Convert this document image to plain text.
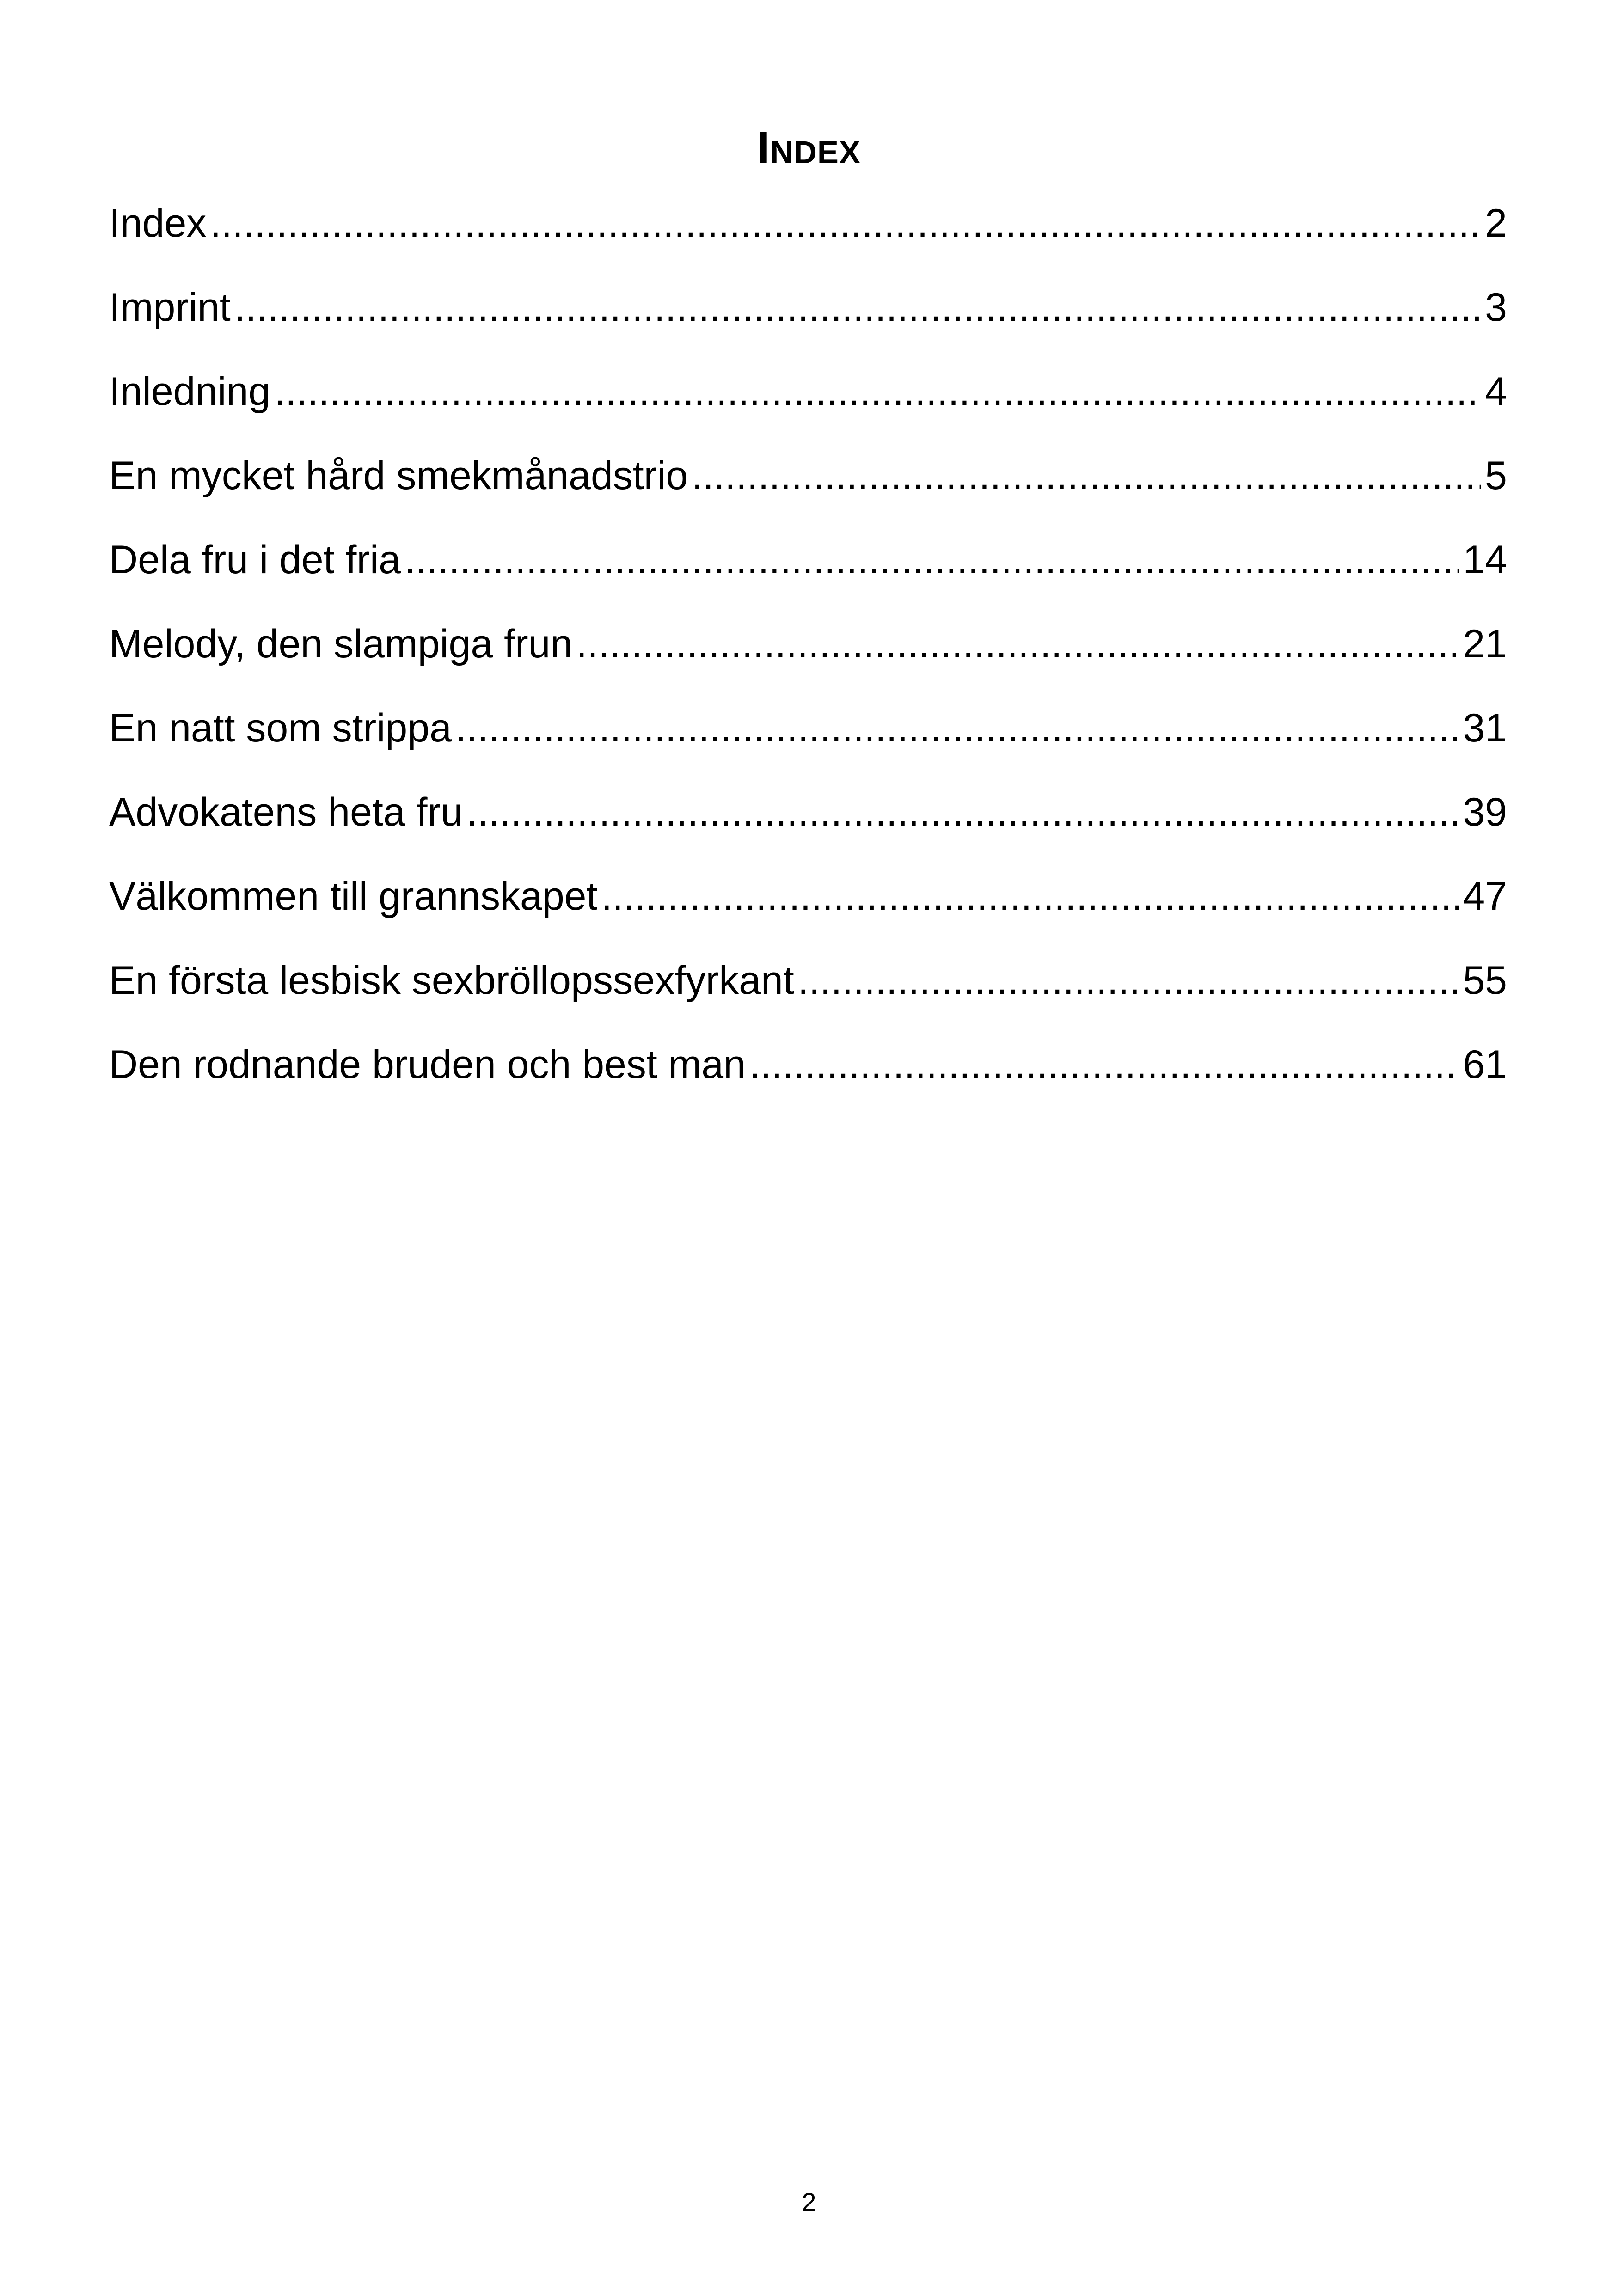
Index
Index .....	2
Imprint .....	3
Inledning .....	4
En mycket hård smekmånadstrio .....	5
Dela fru i det fria .....	14
Melody, den slampiga frun .....	21
En natt som strippa .....	31
Advokatens heta fru .....	39
Välkommen till grannskapet .....	47
En första lesbisk sexbröllopssexfyrkant .....	55
Den rodnande bruden och best man .....	61
2
